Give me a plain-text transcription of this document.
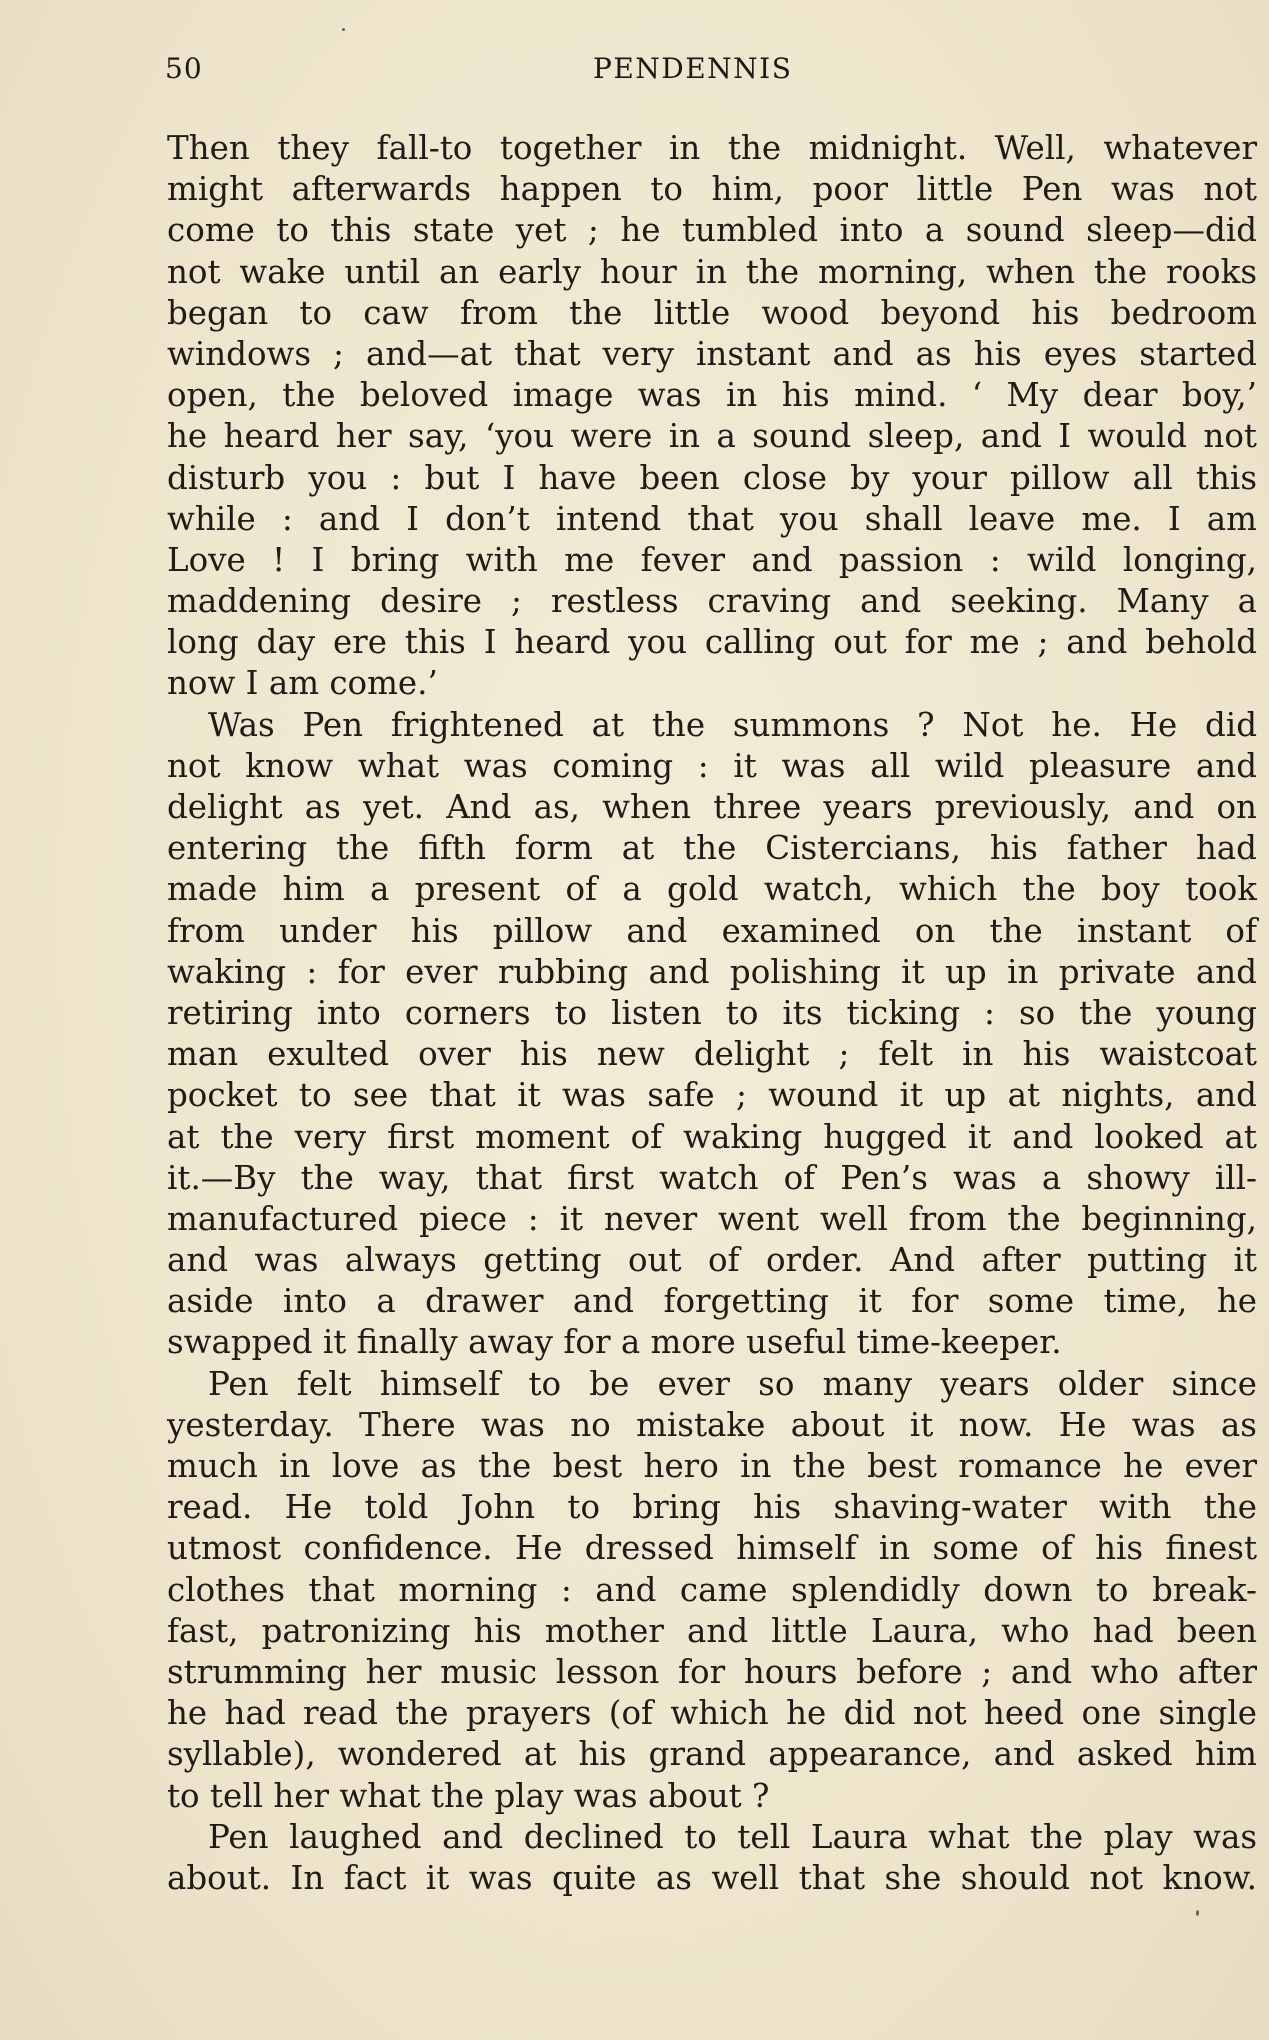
50	PENDENNIS
Then they fall-to together in the midnight. Well, whatever
might afterwards happen to him, poor little Pen was not
come to this state yet ; he tumbled into a sound sleep—did
not wake until an early hour in the morning, when the rooks
began to caw from the little wood beyond his bedroom
windows ; and—at that very instant and as his eyes started
open, the beloved image was in his mind. ‘ My dear boy,’
he heard her say, ‘you were in a sound sleep, and I would not
disturb you : but I have been close by your pillow all this
while : and I don’t intend that you shall leave me. I am
Love ! I bring with me fever and passion : wild longing,
maddening desire ; restless craving and seeking. Many a
long day ere this I heard you calling out for me ; and behold
now I am come.’
Was Pen frightened at the summons ? Not he. He did
not know what was coming : it was all wild pleasure and
delight as yet. And as, when three years previously, and on
entering the fifth form at the Cistercians, his father had
made him a present of a gold watch, which the boy took
from under his pillow and examined on the instant of
waking : for ever rubbing and polishing it up in private and
retiring into corners to listen to its ticking : so the young
man exulted over his new delight ; felt in his waistcoat
pocket to see that it was safe ; wound it up at nights, and
at the very first moment of waking hugged it and looked at
it.—By the way, that first watch of Pen’s was a showy ill-
manufactured piece : it never went well from the beginning,
and was always getting out of order. And after putting it
aside into a drawer and forgetting it for some time, he
swapped it finally away for a more useful time-keeper.
Pen felt himself to be ever so many years older since
yesterday. There was no mistake about it now. He was as
much in love as the best hero in the best romance he ever
read. He told John to bring his shaving-water with the
utmost confidence. He dressed himself in some of his finest
clothes that morning : and came splendidly down to break-
fast, patronizing his mother and little Laura, who had been
strumming her music lesson for hours before ; and who after
he had read the prayers (of which he did not heed one single
syllable), wondered at his grand appearance, and asked him
to tell her what the play was about ?
Pen laughed and declined to tell Laura what the play was
about. In fact it was quite as well that she should not know.
